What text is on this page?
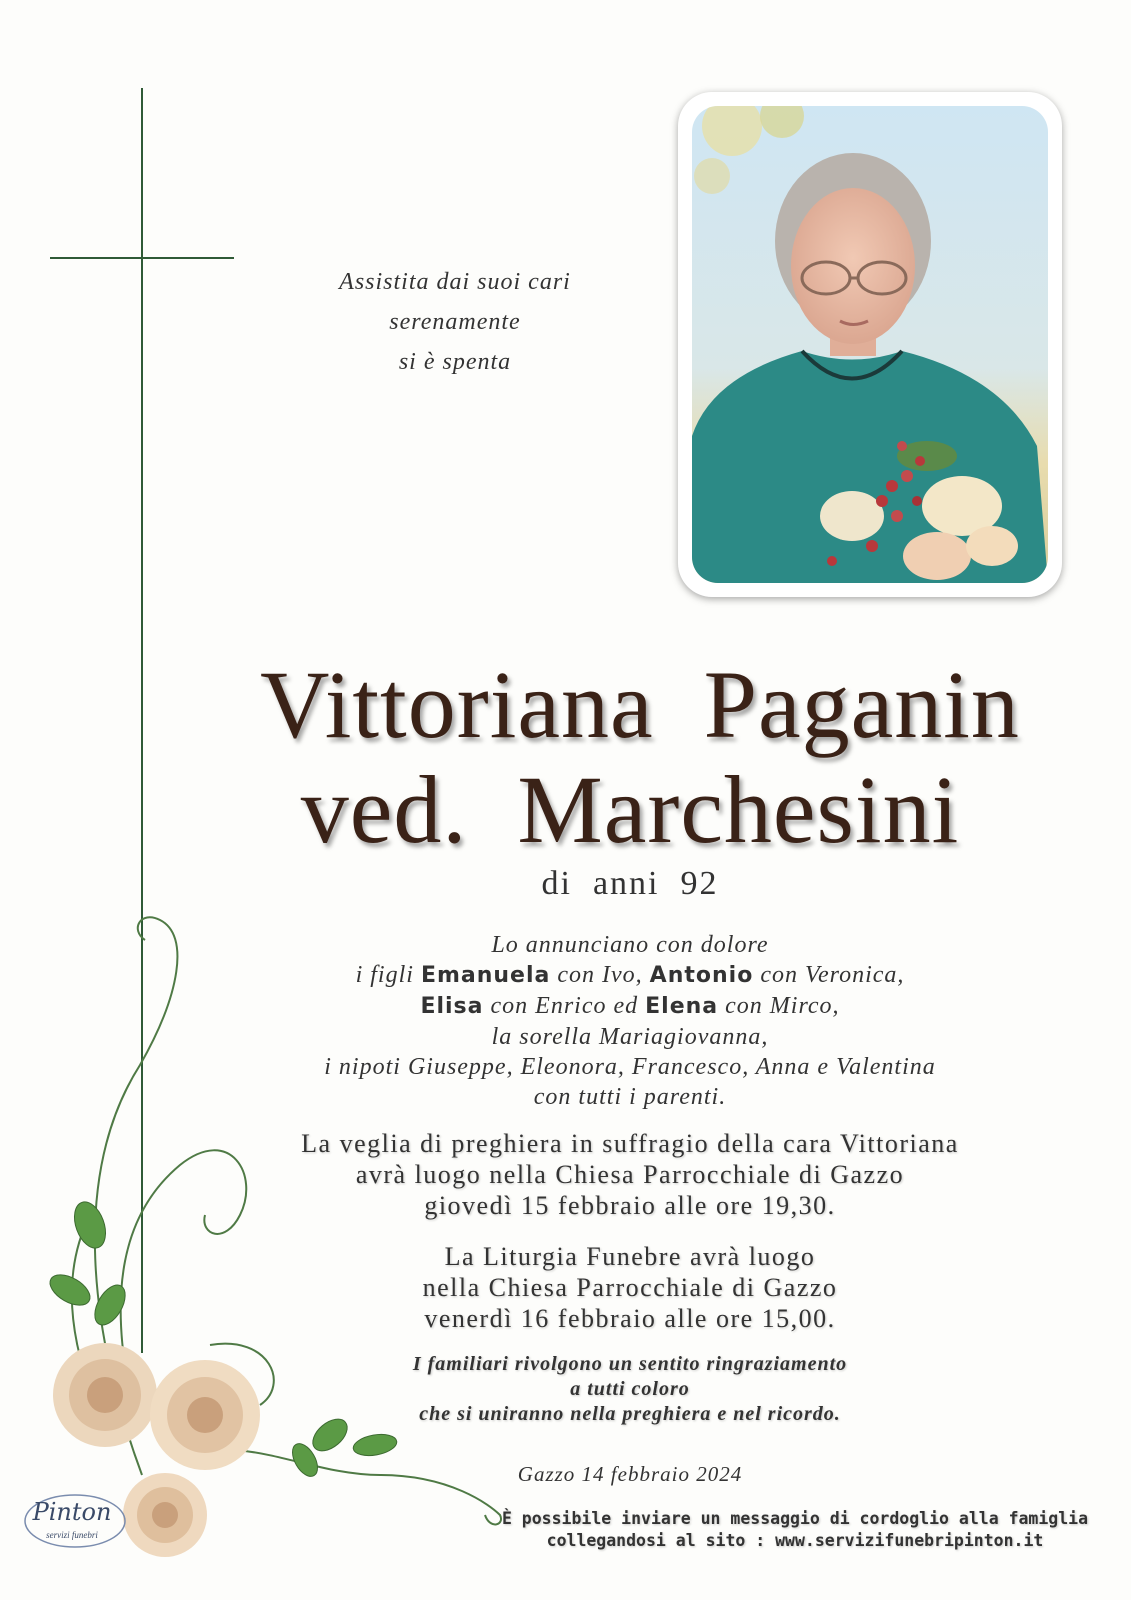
Assistita dai suoi cari
serenamente
si è spenta
Vittoriana  Paganin
ved.  Marchesini
di  anni  92
Lo annunciano con dolore
i figli Emanuela con Ivo, Antonio con Veronica,
Elisa con Enrico ed Elena con Mirco,
la sorella Mariagiovanna,
i nipoti Giuseppe, Eleonora, Francesco, Anna e Valentina
con tutti i parenti.
La veglia di preghiera in suffragio della cara Vittoriana
avrà luogo nella Chiesa Parrocchiale di Gazzo
giovedì 15 febbraio alle ore 19,30.
La Liturgia Funebre avrà luogo
nella Chiesa Parrocchiale di Gazzo
venerdì 16 febbraio alle ore 15,00.
I familiari rivolgono un sentito ringraziamento
a tutti coloro
che si uniranno nella preghiera e nel ricordo.
Gazzo 14 febbraio 2024
È possibile inviare un messaggio di cordoglio alla famiglia
collegandosi al sito : www.servizifunebripinton.it
Pinton
servizi funebri
